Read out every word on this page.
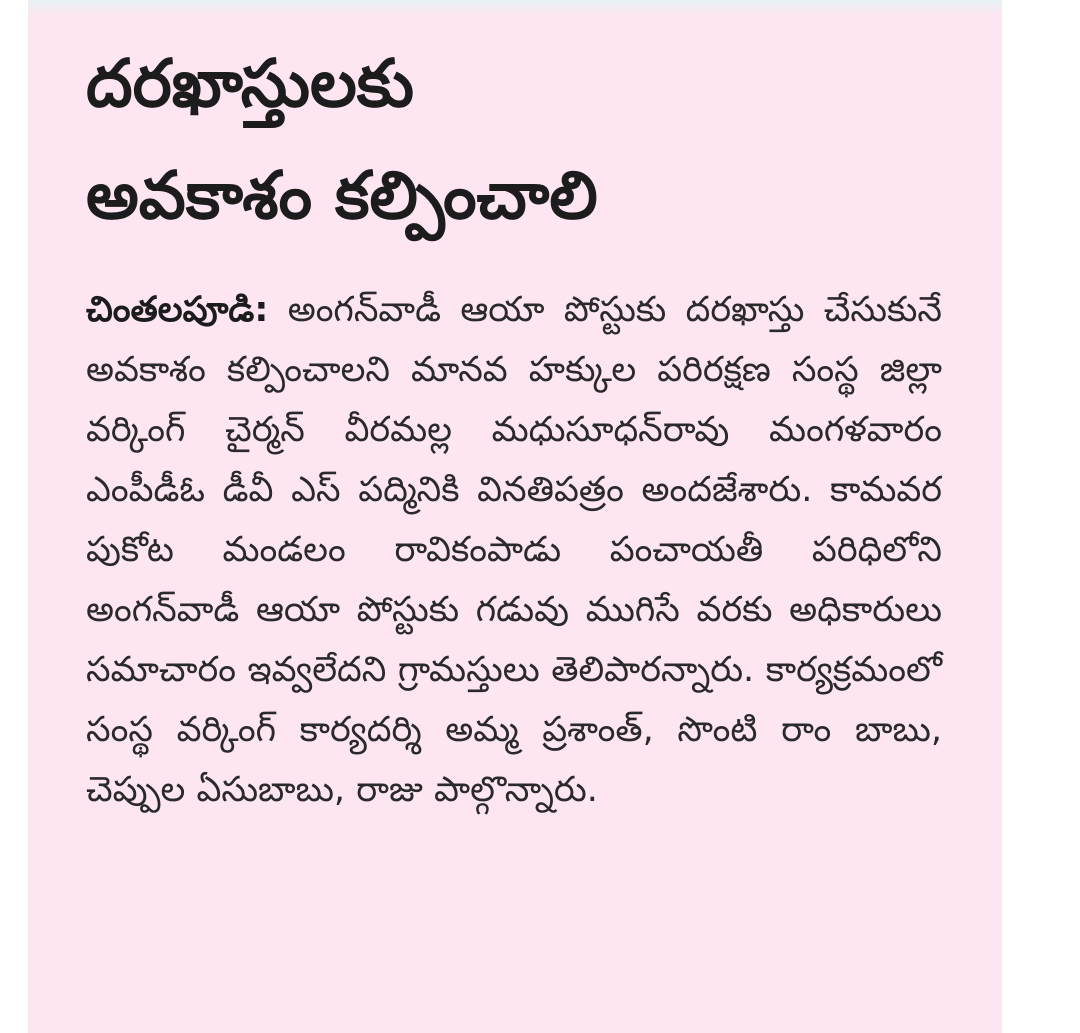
దరఖాస్తులకు
అవకాశం కల్పించాలి

చింతలపూడి: అంగన్‌వాడీ ఆయా పోస్టుకు దరఖాస్తు చేసుకునే అవకాశం కల్పించాలని మానవ హక్కుల పరిరక్షణ సంస్థ జిల్లా వర్కింగ్ చైర్మన్ వీరమల్ల మధుసూధన్‌రావు మంగళవారం ఎంపీడీఓ డీవీ ఎస్ పద్మినికి వినతిపత్రం అందజేశారు. కామవర పుకోట మండలం రావికంపాడు పంచాయతీ పరిధిలోని అంగన్‌వాడీ ఆయా పోస్టుకు గడువు ముగిసే వరకు అధికారులు సమాచారం ఇవ్వలేదని గ్రామస్తులు తెలిపారన్నారు. కార్యక్రమంలో సంస్థ వర్కింగ్ కార్యదర్శి అమ్మ ప్రశాంత్, సొంటి రాం బాబు, చెప్పుల ఏసుబాబు, రాజు పాల్గొన్నారు.
